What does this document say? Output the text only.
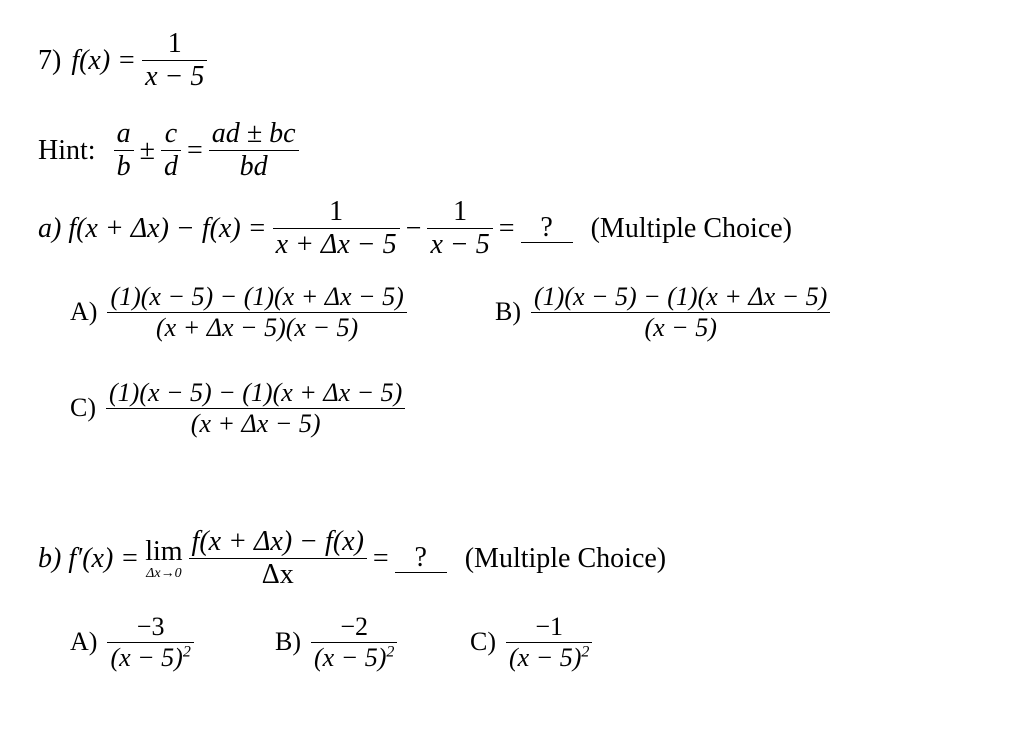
7) $f(x) = \frac{1}{x - 5}$
Hint: $\frac{a}{b} \pm \frac{c}{d} = \frac{ad \pm bc}{bd}$
a) $f(x + \Delta x) - f(x) = \frac{1}{x + \Delta x - 5} - \frac{1}{x - 5}$ = ?	(Multiple Choice)
$A) \frac{(1)(x - 5) - (1)(x + \Delta x - 5)}{(x + \Delta x - 5)(x - 5)}$	$B) \frac{(1)(x - 5) - (1)(x + \Delta x - 5)}{(x - 5)}$
$C) \frac{(1)(x - 5) - (1)(x + \Delta x - 5)}{(x + \Delta x - 5)}$
b) f′(x) = lim
$\Delta x\to 0 \frac{f(x + \Delta x) - f(x)}{\Delta x}$ = ?	(Multiple Choice)
$A) \frac{-3}{(x - 5)^2}$	$B) \frac{-2}{(x - 5)^2}$	$C) \frac{-1}{(x - 5)^2}$
